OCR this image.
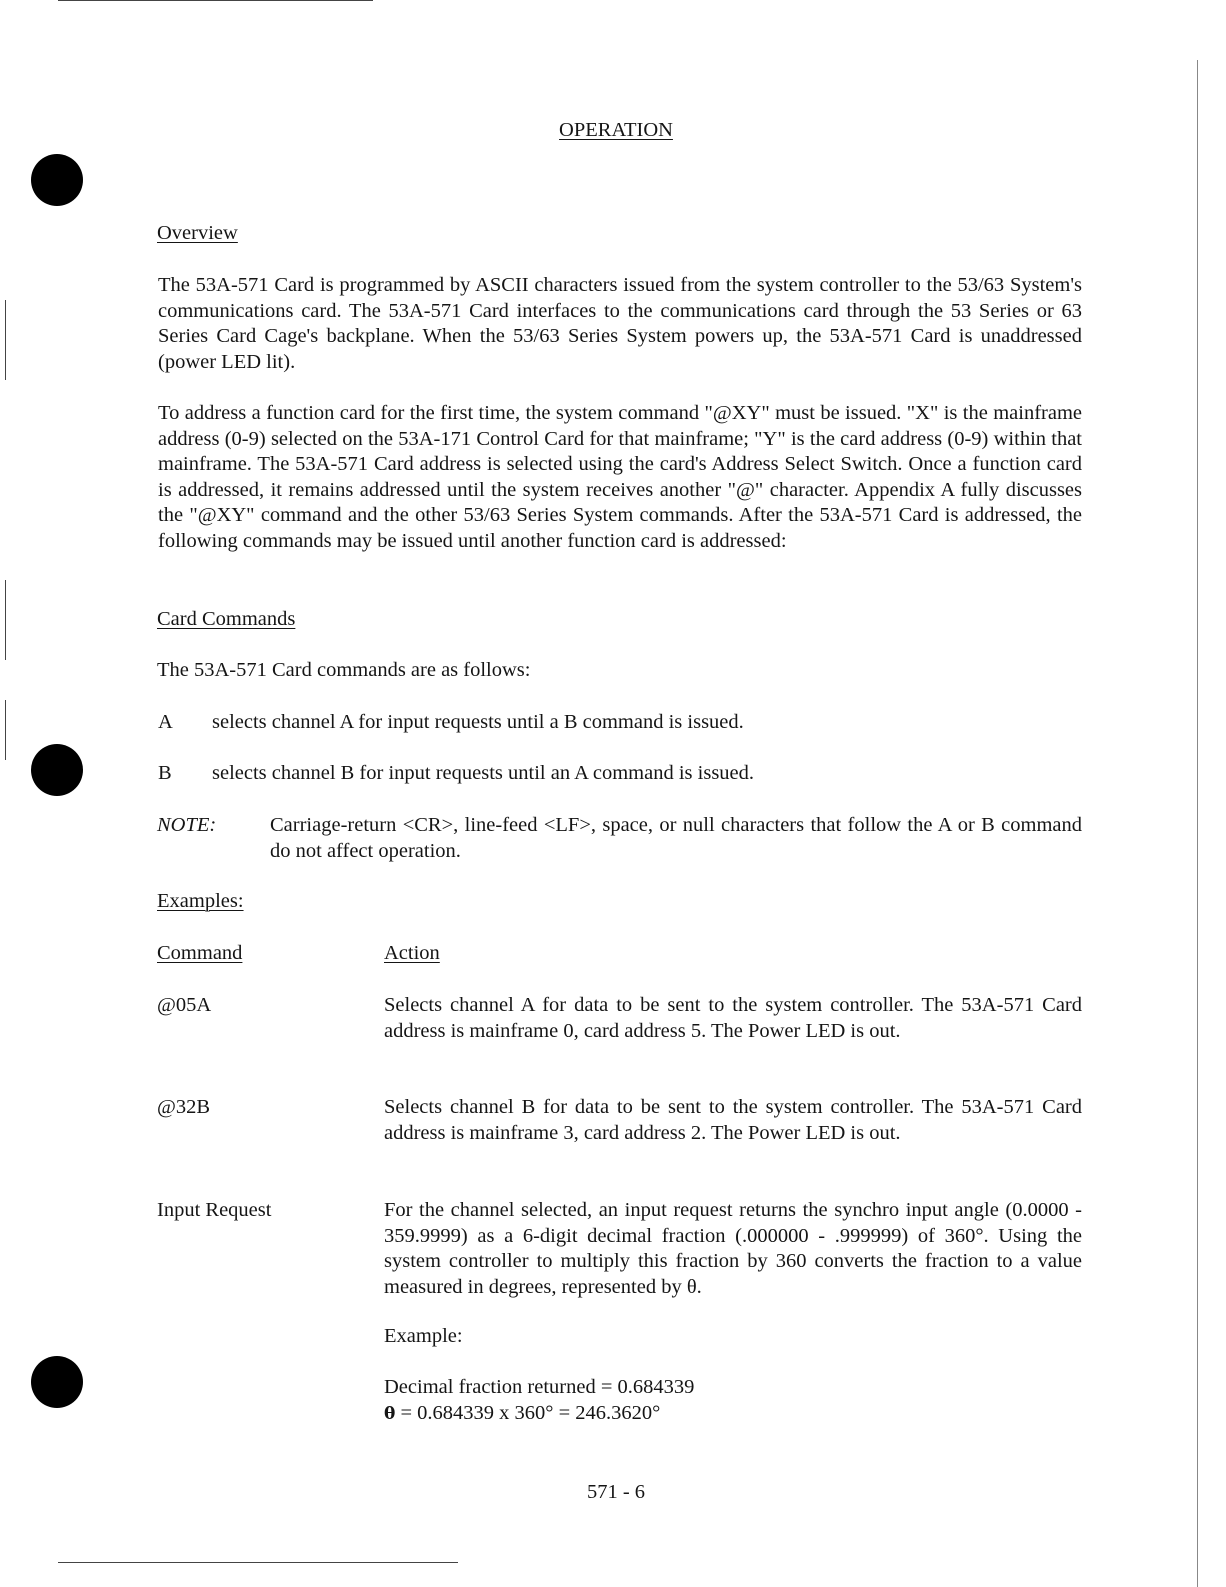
OPERATION
Overview
The 53A-571 Card is programmed by ASCII characters issued from the system controller to the 53/63 System's communications card. The 53A-571 Card interfaces to the communications card through the 53 Series or 63 Series Card Cage's backplane. When the 53/63 Series System powers up, the 53A-571 Card is unaddressed (power LED lit).
To address a function card for the first time, the system command "@XY" must be issued. "X" is the mainframe address (0-9) selected on the 53A-171 Control Card for that mainframe; "Y" is the card address (0-9) within that mainframe. The 53A-571 Card address is selected using the card's Address Select Switch. Once a function card is addressed, it remains addressed until the system receives another "@" character. Appendix A fully discusses the "@XY" command and the other 53/63 Series System commands. After the 53A-571 Card is addressed, the following commands may be issued until another function card is addressed:
Card Commands
The 53A-571 Card commands are as follows:
A selects channel A for input requests until a B command is issued.
B selects channel B for input requests until an A command is issued.
NOTE:	Carriage-return <CR>, line-feed <LF>, space, or null characters that follow the A or B command do not affect operation.
Examples:
Command	Action
@05A	Selects channel A for data to be sent to the system controller. The 53A-571 Card address is mainframe 0, card address 5. The Power LED is out.
@32B	Selects channel B for data to be sent to the system controller. The 53A-571 Card address is mainframe 3, card address 2. The Power LED is out.
Input Request	For the channel selected, an input request returns the synchro input angle (0.0000 - 359.9999) as a 6-digit decimal fraction (.000000 - .999999) of 360°. Using the system controller to multiply this fraction by 360 converts the fraction to a value measured in degrees, represented by θ.
Example:
Decimal fraction returned = 0.684339
θ = 0.684339 x 360° = 246.3620°
571 - 6
